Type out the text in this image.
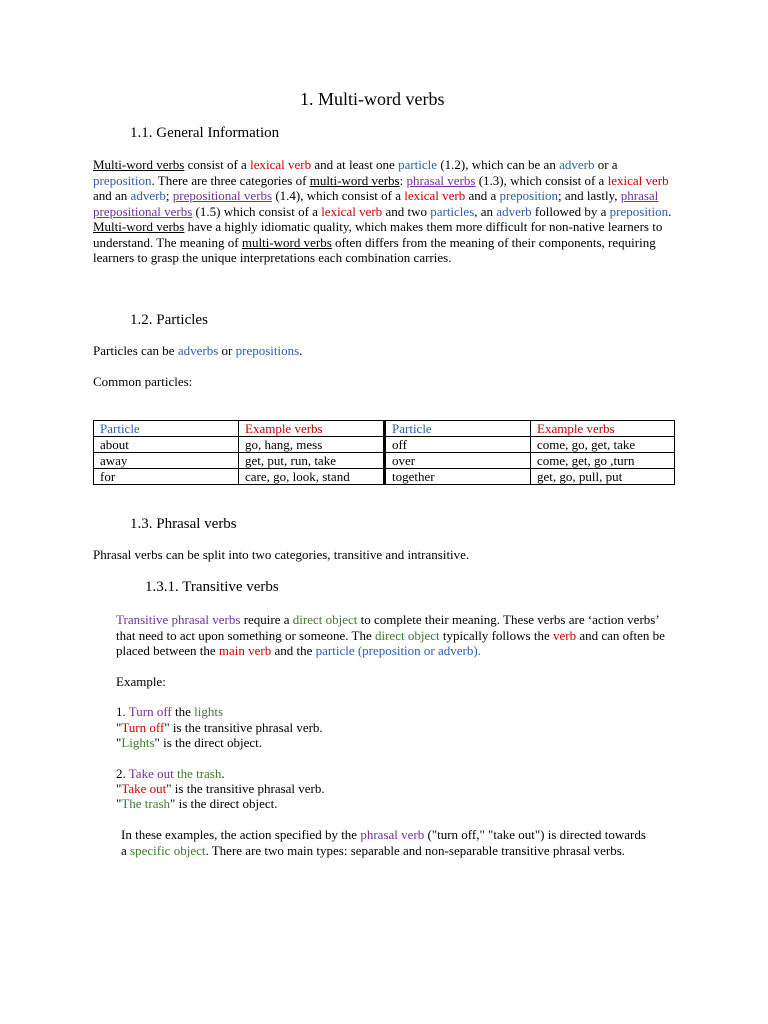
1. Multi-word verbs
1.1. General Information
Multi-word verbs consist of a lexical verb and at least one particle (1.2), which can be an adverb or a preposition. There are three categories of multi-word verbs: phrasal verbs (1.3), which consist of a lexical verb and an adverb; prepositional verbs (1.4), which consist of a lexical verb and a preposition; and lastly, phrasal prepositional verbs (1.5) which consist of a lexical verb and two particles, an adverb followed by a preposition. Multi-word verbs have a highly idiomatic quality, which makes them more difficult for non-native learners to understand. The meaning of multi-word verbs often differs from the meaning of their components, requiring learners to grasp the unique interpretations each combination carries.
1.2. Particles
Particles can be adverbs or prepositions.
Common particles:
Particle	Example verbs	Particle	Example verbs
about	go, hang, mess	off	come, go, get, take
away	get, put, run, take	over	come, get, go ,turn
for	care, go, look, stand	together	get, go, pull, put
1.3. Phrasal verbs
Phrasal verbs can be split into two categories, transitive and intransitive.
1.3.1. Transitive verbs
Transitive phrasal verbs require a direct object to complete their meaning. These verbs are ‘action verbs’ that need to act upon something or someone. The direct object typically follows the verb and can often be placed between the main verb and the particle (preposition or adverb).
Example:
1. Turn off the lights
"Turn off" is the transitive phrasal verb.
"Lights" is the direct object.
2. Take out the trash.
"Take out" is the transitive phrasal verb.
"The trash" is the direct object.
In these examples, the action specified by the phrasal verb ("turn off," "take out") is directed towards a specific object. There are two main types: separable and non-separable transitive phrasal verbs.
